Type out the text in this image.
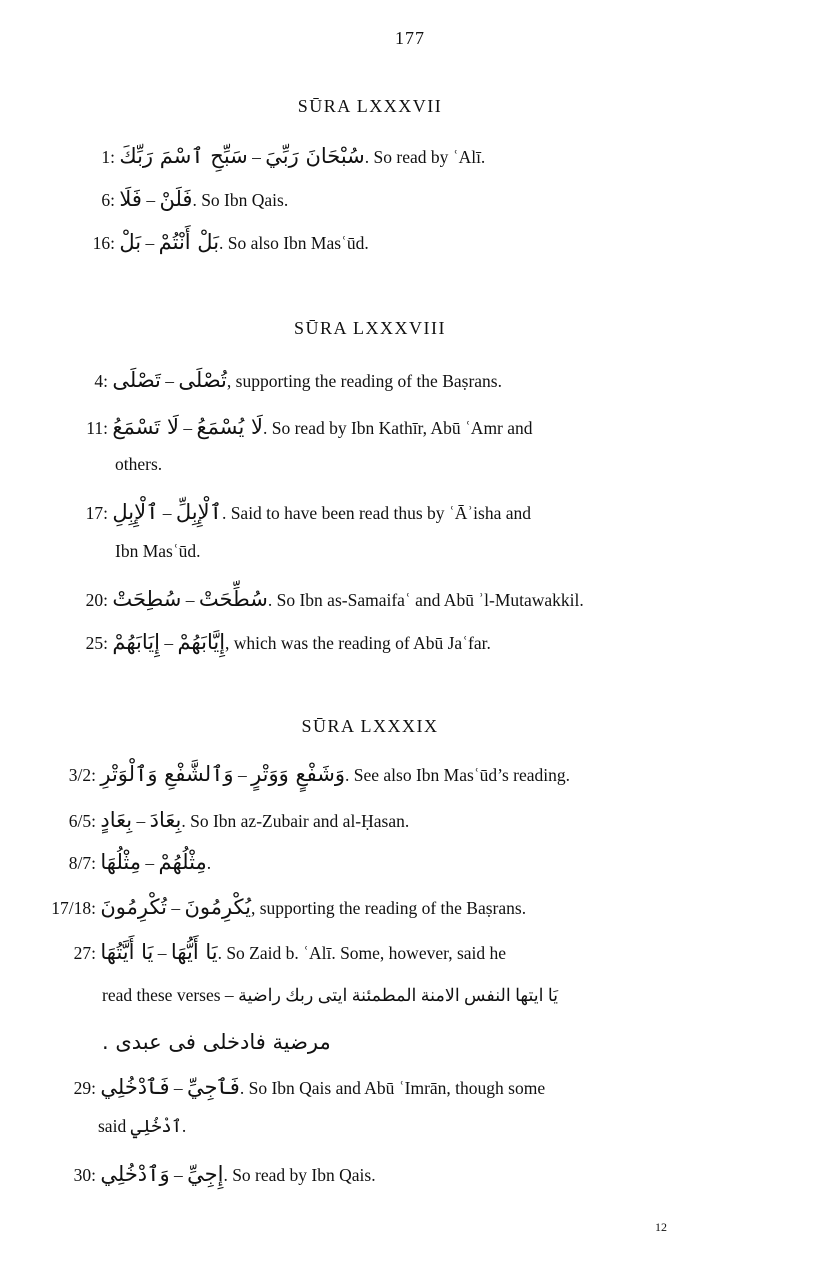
177
SŪRA LXXXVII
1: سَبِّحِ ٱسْمَ رَبِّكَ – سُبْحَانَ رَبِّيَ. So read by ʿAlī.
6: فَلَا – فَلَنْ. So Ibn Qais.
16: بَلْ – بَلْ أَنْتُمْ. So also Ibn Masʿūd.
SŪRA LXXXVIII
4: تَصْلَى – تُصْلَى, supporting the reading of the Baṣrans.
11: لَا تَسْمَعُ – لَا يُسْمَعُ. So read by Ibn Kathīr, Abū ʿAmr and
others.
17: ٱلْإِبِلِ – ٱلْإِبِلِّ. Said to have been read thus by ʿĀʾisha and
Ibn Masʿūd.
20: سُطِحَتْ – سُطِّحَتْ. So Ibn as-Samaifaʿ and Abū ʾl-Mutawakkil.
25: إِيَابَهُمْ – إِيَّابَهُمْ, which was the reading of Abū Jaʿfar.
SŪRA LXXXIX
3/2: وَٱلشَّفْعِ وَٱلْوَتْرِ – وَشَفْعٍ وَوَتْرٍ. See also Ibn Masʿūd’s reading.
6/5: بِعَادٍ – بِعَادَ. So Ibn az-Zubair and al-Ḥasan.
8/7: مِثْلُهَا – مِثْلُهُمْ.
17/18: تُكْرِمُونَ – يُكْرِمُونَ, supporting the reading of the Baṣrans.
27: يَا أَيَّتُهَا – يَا أَيُّهَا. So Zaid b. ʿAlī. Some, however, said he
read these verses – يَا ايتها النفس الامنة المطمئنة ايتى ربك راضية
مرضية فادخلى فى عبدى .
29: فَٱدْخُلِي – فَٱجِيِّ. So Ibn Qais and Abū ʿImrān, though some
said ٱدْخُلِي.
30: وَٱدْخُلِي – إِجِيِّ. So read by Ibn Qais.
12
